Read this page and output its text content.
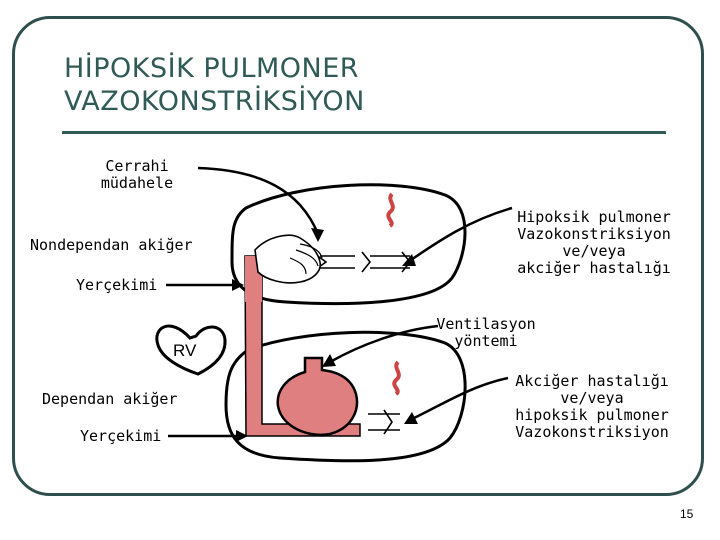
HİPOKSİK PULMONER
VAZOKONSTRİKSİYON
RV
Cerrahi
müdahele
Nondependan akiğer
Yerçekimi
Hipoksik pulmoner
Vazokonstriksiyon
ve/veya
akciğer hastalığı
Ventilasyon
yöntemi
Dependan akiğer
Yerçekimi
Akciğer hastalığı
ve/veya
hipoksik pulmoner
Vazokonstriksiyon
15
